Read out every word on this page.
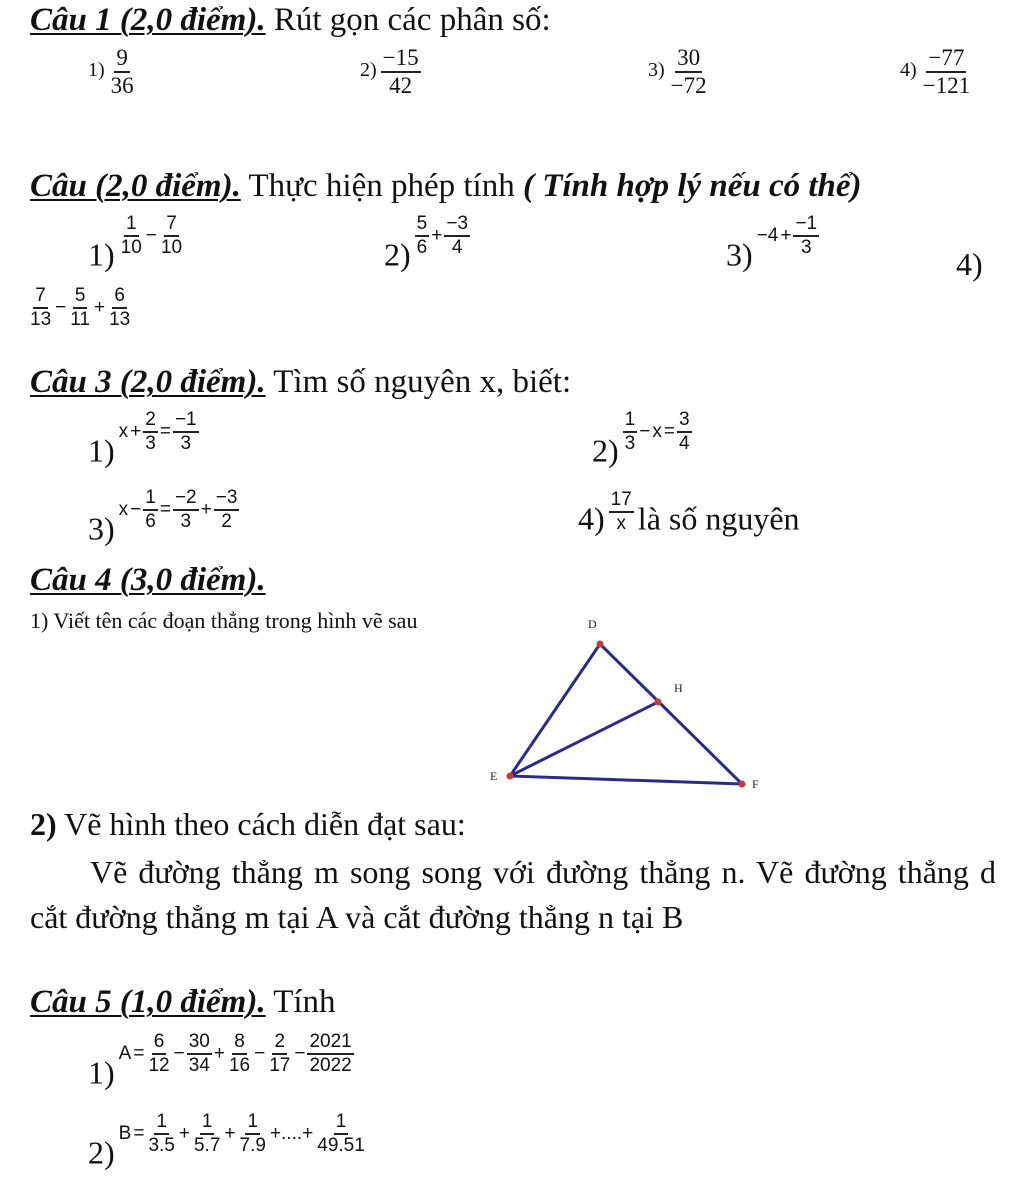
Câu 1 (2,0 điểm). Rút gọn các phân số:
$1) \frac{9}{36}$	$2) \frac{-15}{42}$	$3) \frac{30}{-72}$	$4) \frac{-77}{-121}$
Câu (2,0 điểm). Thực hiện phép tính ( Tính hợp lý nếu có thể)
$1) \frac{1}{10} - \frac{7}{10}$	$2) \frac{5}{6} + \frac{-3}{4}$	$3) -4 + \frac{-1}{3}$
4)
$\frac{7}{13} - \frac{5}{11} + \frac{6}{13}$
Câu 3 (2,0 điểm). Tìm số nguyên x, biết:
1) $x + \frac{2}{3} = \frac{-1}{3}$	$2) \frac{1}{3} - x = \frac{3}{4}$
3) $x - \frac{1}{6} = \frac{-2}{3} + \frac{-3}{2}$	$4) \frac{17}{x}$ là số nguyên
Câu 4 (3,0 điểm).
1) Viết tên các đoạn thẳng trong hình vẽ sau	D
H
E
F
2) Vẽ hình theo cách diễn đạt sau:
Vẽ đường thẳng m song song với đường thẳng n. Vẽ đường thẳng d cắt đường thẳng m tại A và cắt đường thẳng n tại B
Câu 5 (1,0 điểm). Tính
1) $A = \frac{6}{12} - \frac{30}{34} + \frac{8}{16} - \frac{2}{17} - \frac{2021}{2022}$
2) $B = \frac{1}{3.5} + \frac{1}{5.7} + \frac{1}{7.9}$ +....+ $\frac{1}{49.51}$
